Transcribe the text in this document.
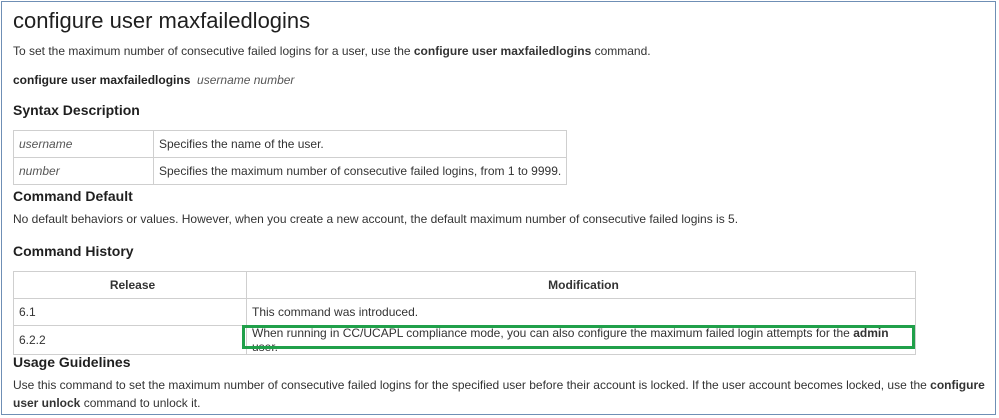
configure user maxfailedlogins
To set the maximum number of consecutive failed logins for a user, use the configure user maxfailedlogins command.
configure user maxfailedlogins username number
Syntax Description
username	Specifies the name of the user.
number	Specifies the maximum number of consecutive failed logins, from 1 to 9999.
Command Default
No default behaviors or values. However, when you create a new account, the default maximum number of consecutive failed logins is 5.
Command History
Release	Modification
6.1	This command was introduced.
6.2.2	When running in CC/UCAPL compliance mode, you can also configure the maximum failed login attempts for the admin user.
Usage Guidelines
Use this command to set the maximum number of consecutive failed logins for the specified user before their account is locked. If the user account becomes locked, use the configure user unlock command to unlock it.
